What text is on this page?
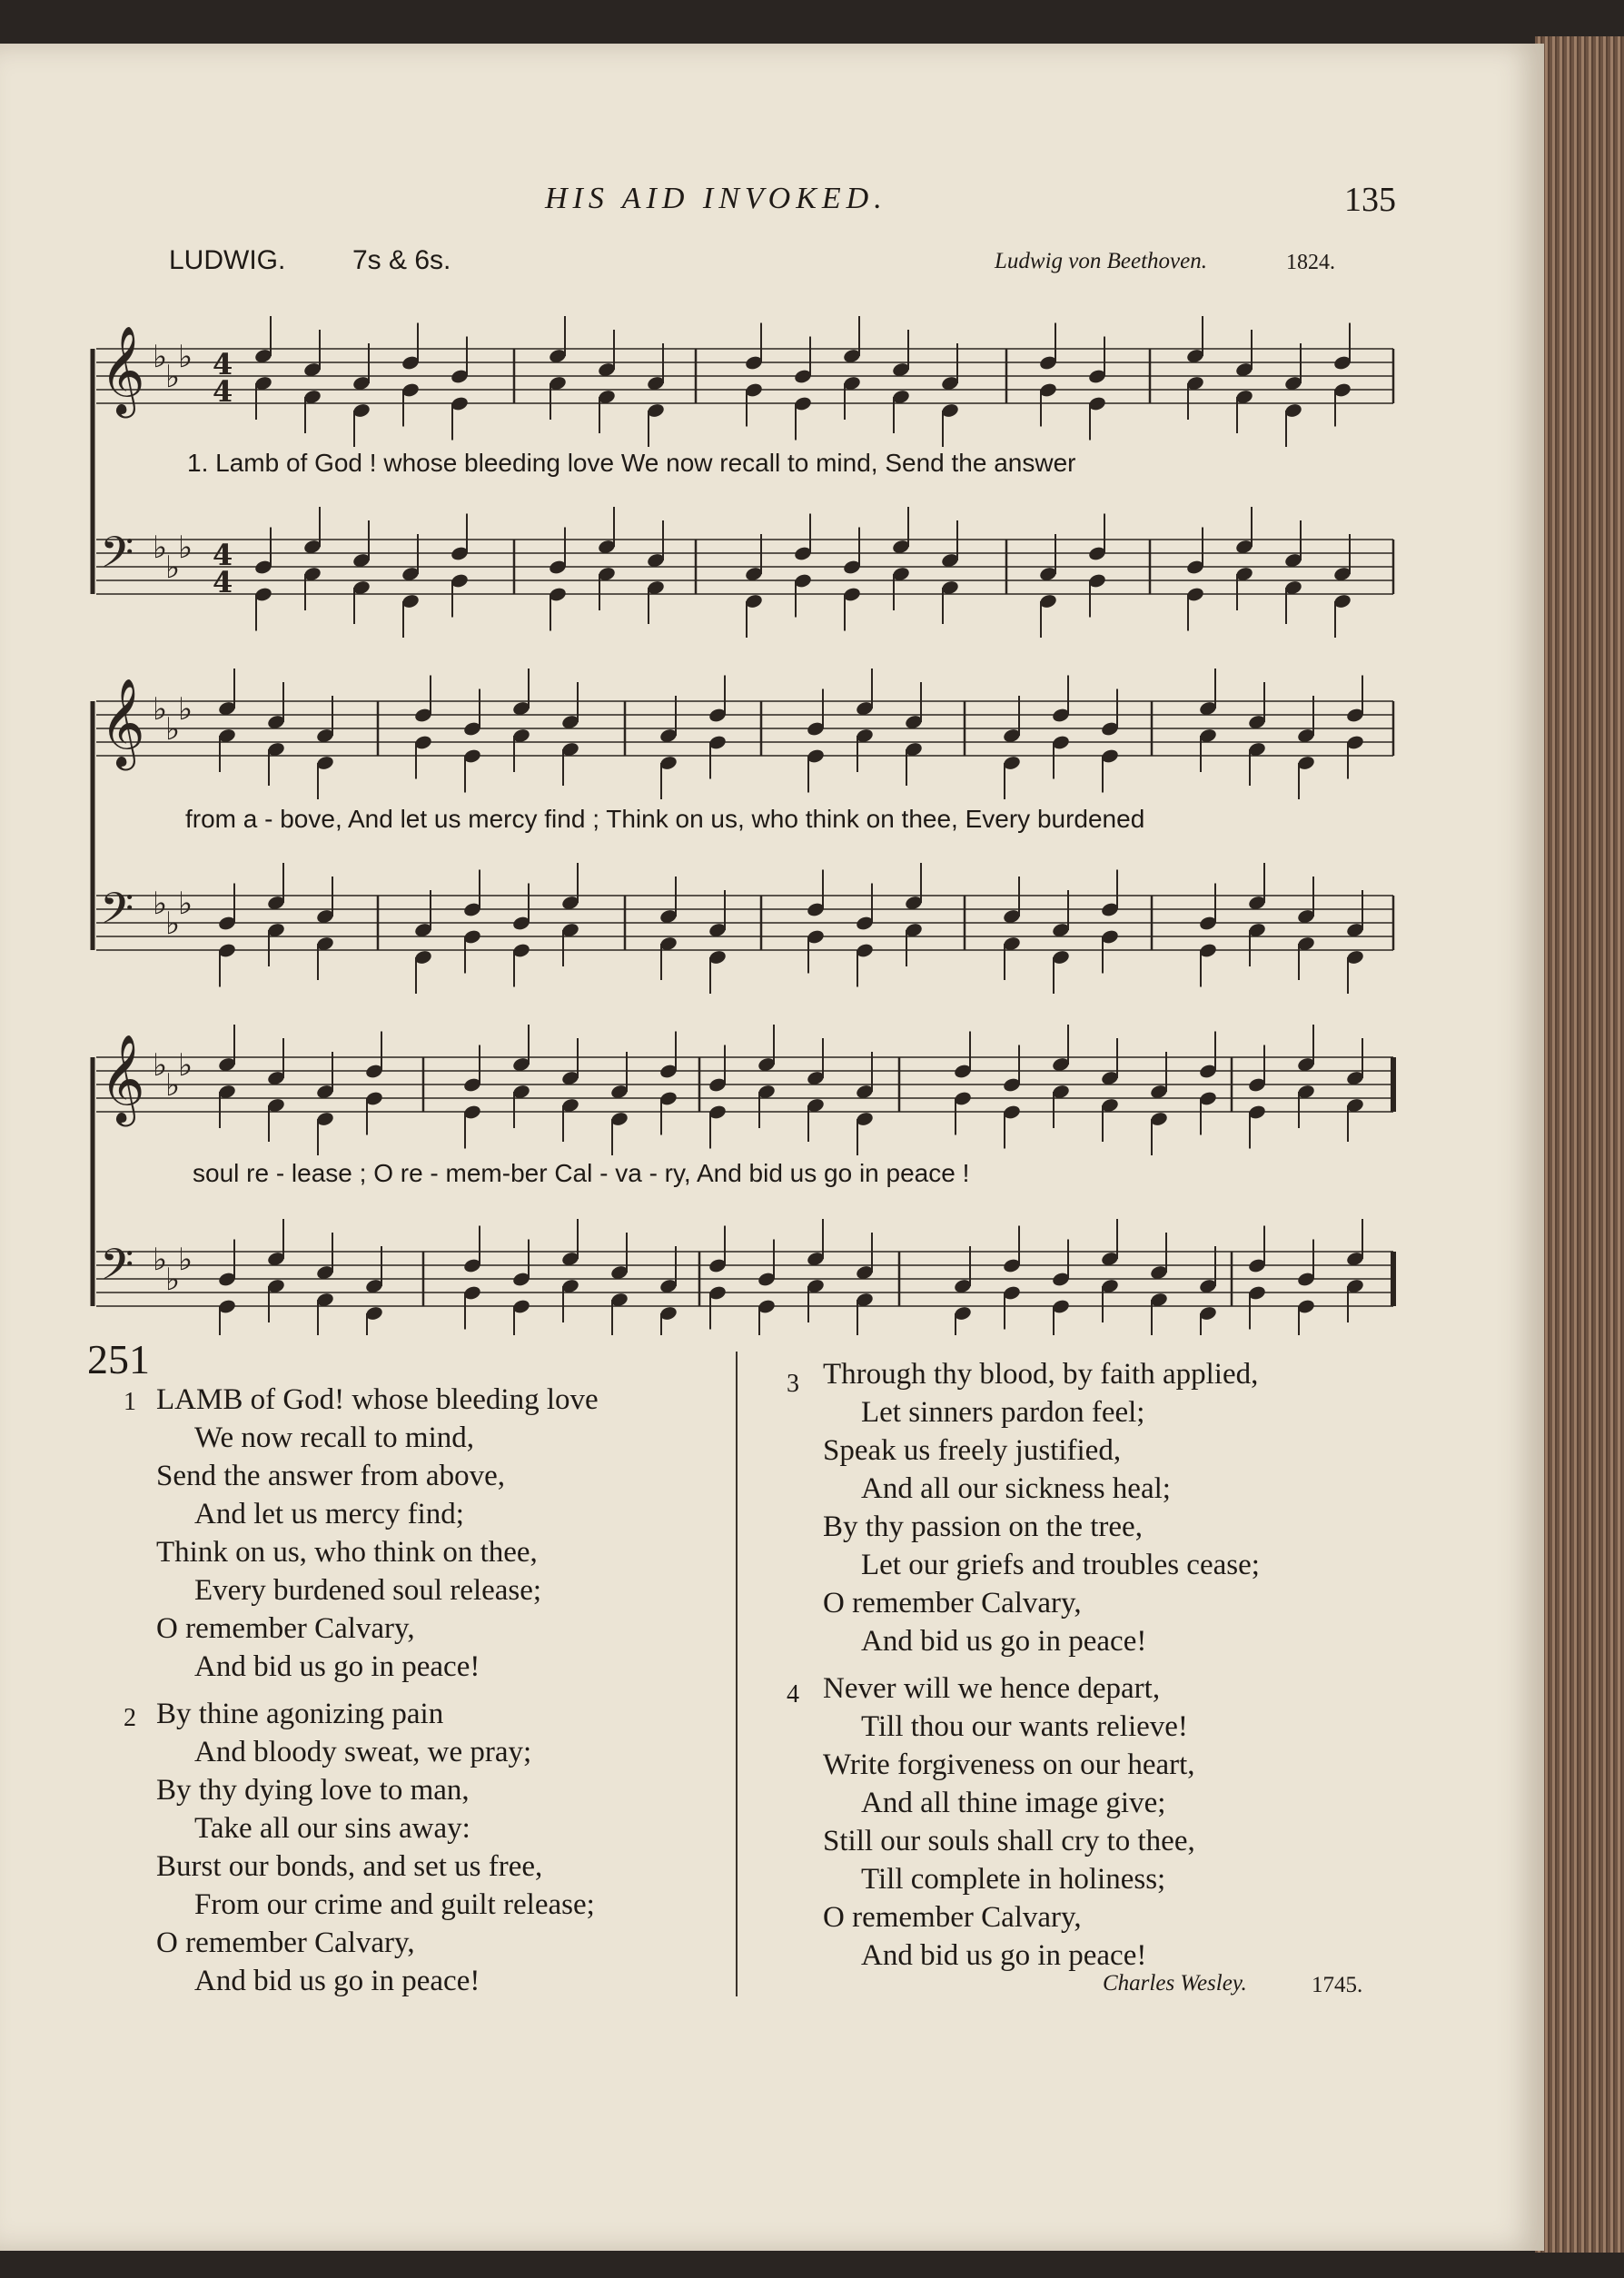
HIS AID INVOKED.	135
LUDWIG. 7s & 6s.	Ludwig von Beethoven.	1824.
𝄞 ♭
♭
♭ 4
4
𝄢 ♭
♭
♭ 4
4
𝄞 ♭
♭
♭
𝄢 ♭
♭
♭
𝄞 ♭
♭
♭
𝄢 ♭
♭
♭
1. Lamb of God ! whose bleeding love We now recall to mind, Send the answer
from a - bove, And let us mercy find ; Think on us, who think on thee, Every burdened
soul re - lease ; O re - mem-ber Cal - va - ry, And bid us go in peace !
251
1 LAMB of God! whose bleeding love
We now recall to mind,
Send the answer from above,
And let us mercy find;
Think on us, who think on thee,
Every burdened soul release;
O remember Calvary,
And bid us go in peace!
2 By thine agonizing pain
And bloody sweat, we pray;
By thy dying love to man,
Take all our sins away:
Burst our bonds, and set us free,
From our crime and guilt release;
O remember Calvary,
And bid us go in peace!
3 Through thy blood, by faith applied,
Let sinners pardon feel;
Speak us freely justified,
And all our sickness heal;
By thy passion on the tree,
Let our griefs and troubles cease;
O remember Calvary,
And bid us go in peace!
4 Never will we hence depart,
Till thou our wants relieve!
Write forgiveness on our heart,
And all thine image give;
Still our souls shall cry to thee,
Till complete in holiness;
O remember Calvary,
And bid us go in peace!
Charles Wesley.	1745.
